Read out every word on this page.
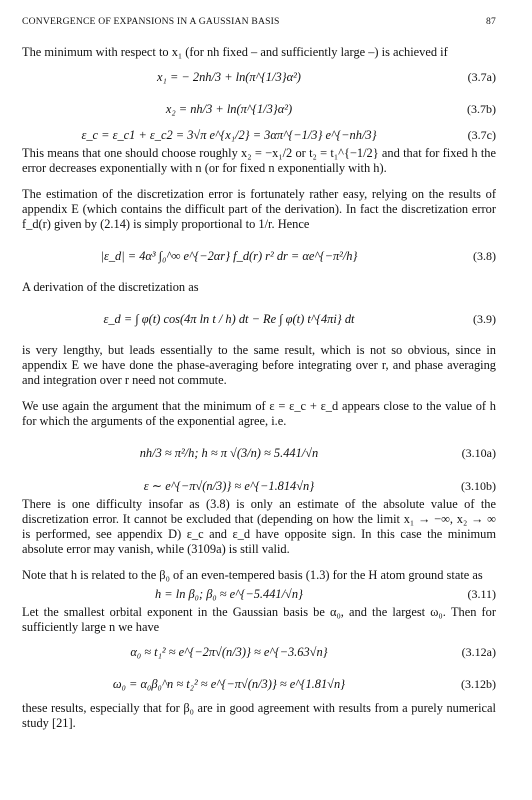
CONVERGENCE OF EXPANSIONS IN A GAUSSIAN BASIS	87

The minimum with respect to x₁ (for nh fixed – and sufficiently large –) is achieved if

x₁ = − 2nh/3 + ln(π^{1/3}α²)	(3.7a)
x₂ = nh/3 + ln(π^{1/3}α²)	(3.7b)
ε_c = ε_c1 + ε_c2 = 3√π e^{x₁/2} = 3απ^{−1/3} e^{−nh/3}	(3.7c)

This means that one should choose roughly x₂ = −x₁/2 or t₂ = t₁^{−1/2} and that for fixed h the error decreases exponentially with n (or for fixed n exponentially with h).

The estimation of the discretization error is fortunately rather easy, relying on the results of appendix E (which contains the difficult part of the derivation). In fact the discretization error f_d(r) given by (2.14) is simply proportional to 1/r. Hence

|ε_d| = 4α³ ∫₀^∞ e^{−2αr} f_d(r) r² dr = αe^{−π²/h}	(3.8)

A derivation of the discretization as

ε_d = ∫ φ(t) cos(4π ln t / h) dt − Re ∫ φ(t) t^{4πi} dt	(3.9)

is very lengthy, but leads essentially to the same result, which is not so obvious, since in appendix E we have done the phase-averaging before integrating over r, and phase averaging and integration over r need not commute.

We use again the argument that the minimum of ε = ε_c + ε_d appears close to the value of h for which the arguments of the exponential agree, i.e.

nh/3 ≈ π²/h; h ≈ π √(3/n) ≈ 5.441/√n	(3.10a)
ε ∼ e^{−π√(n/3)} ≈ e^{−1.814√n}	(3.10b)

There is one difficulty insofar as (3.8) is only an estimate of the absolute value of the discretization error. It cannot be excluded that (depending on how the limit x₁ → −∞, x₂ → ∞ is performed, see appendix D) ε_c and ε_d have opposite sign. In this case the minimum absolute error may vanish, while (3109a) is still valid.

Note that h is related to the β₀ of an even-tempered basis (1.3) for the H atom ground state as

h = ln β₀; β₀ ≈ e^{−5.441/√n}	(3.11)

Let the smallest orbital exponent in the Gaussian basis be α₀, and the largest ω₀. Then for sufficiently large n we have

α₀ ≈ t₁² ≈ e^{−2π√(n/3)} ≈ e^{−3.63√n}	(3.12a)
ω₀ = α₀β₀^n ≈ t₂² ≈ e^{−π√(n/3)} ≈ e^{1.81√n}	(3.12b)

these results, especially that for β₀ are in good agreement with results from a purely numerical study [21].
